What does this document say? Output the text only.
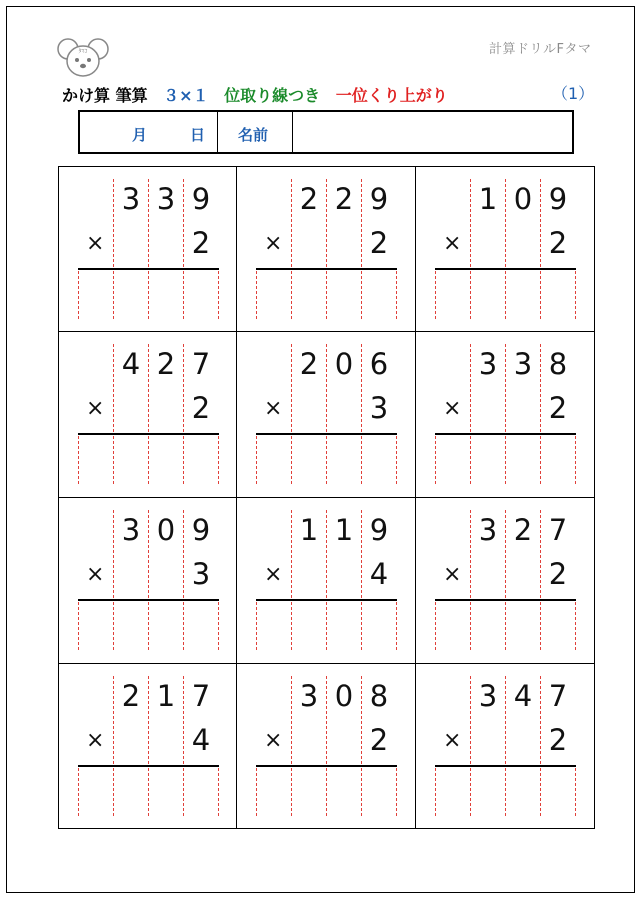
ﾀﾏｺ	計算ドリルFタマ
かけ算 筆算 ３×１ 位取り線つき 一位くり上がり	（1）
月	日 名前
3 3 9
2
×
2 2 9
2
×
1 0 9
2
×
4 2 7
2
×
2 0 6
3
×
3 3 8
2
×
3 0 9
3
×
1 1 9
4
×
3 2 7
2
×
2 1 7
4
×
3 0 8
2
×
3 4 7
2
×
